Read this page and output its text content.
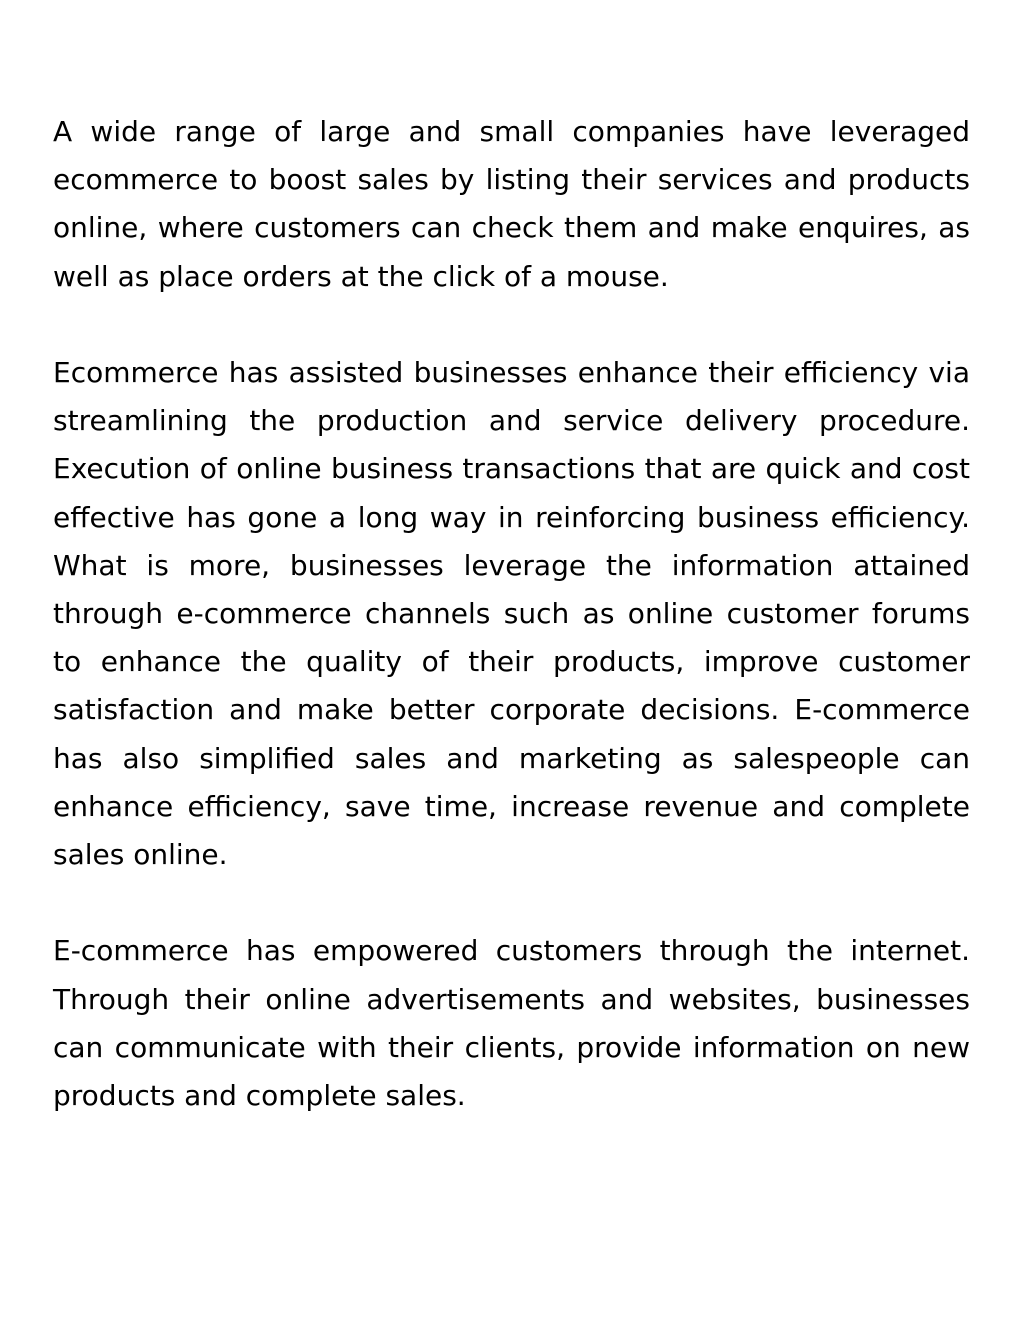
A wide range of large and small companies have leveraged ecommerce to boost sales by listing their services and products online, where customers can check them and make enquires, as well as place orders at the click of a mouse.

Ecommerce has assisted businesses enhance their efficiency via streamlining the production and service delivery procedure. Execution of online business transactions that are quick and cost effective has gone a long way in reinforcing business efficiency. What is more, businesses leverage the information attained through e-commerce channels such as online customer forums to enhance the quality of their products, improve customer satisfaction and make better corporate decisions. E-commerce has also simplified sales and marketing as salespeople can enhance efficiency, save time, increase revenue and complete sales online.

E-commerce has empowered customers through the internet. Through their online advertisements and websites, businesses can communicate with their clients, provide information on new products and complete sales.
